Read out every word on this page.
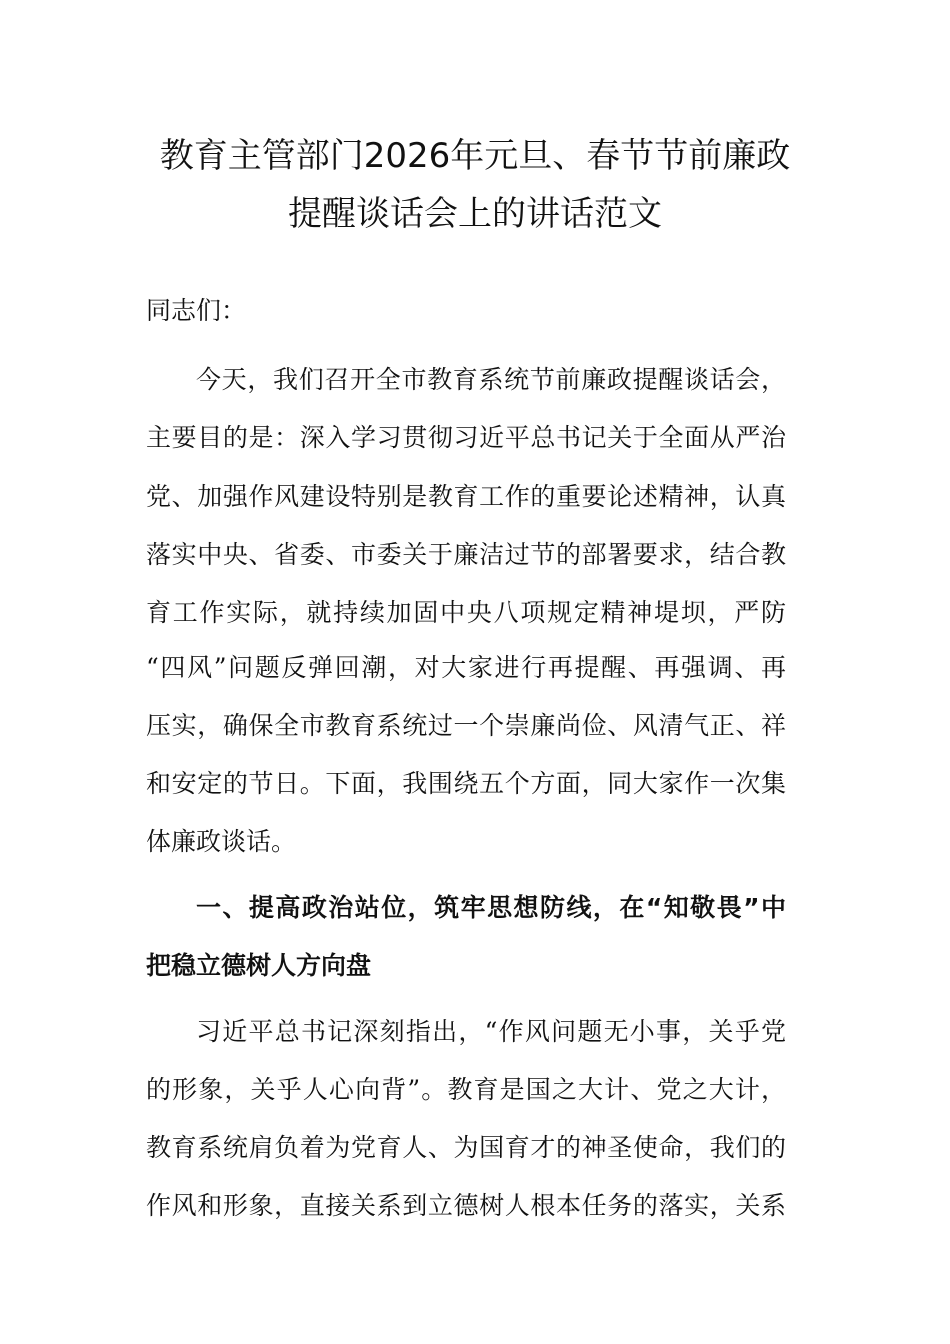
教育主管部门2026年元旦、春节节前廉政
提醒谈话会上的讲话范文
同志们：
今天，我们召开全市教育系统节前廉政提醒谈话会，
主要目的是：深入学习贯彻习近平总书记关于全面从严治
党、加强作风建设特别是教育工作的重要论述精神，认真
落实中央、省委、市委关于廉洁过节的部署要求，结合教
育工作实际，就持续加固中央八项规定精神堤坝，严防
“四风”问题反弹回潮，对大家进行再提醒、再强调、再
压实，确保全市教育系统过一个崇廉尚俭、风清气正、祥
和安定的节日。下面，我围绕五个方面，同大家作一次集
体廉政谈话。
一、提高政治站位，筑牢思想防线，在“知敬畏”中
把稳立德树人方向盘
习近平总书记深刻指出，“作风问题无小事，关乎党
的形象，关乎人心向背”。教育是国之大计、党之大计，
教育系统肩负着为党育人、为国育才的神圣使命，我们的
作风和形象，直接关系到立德树人根本任务的落实，关系
